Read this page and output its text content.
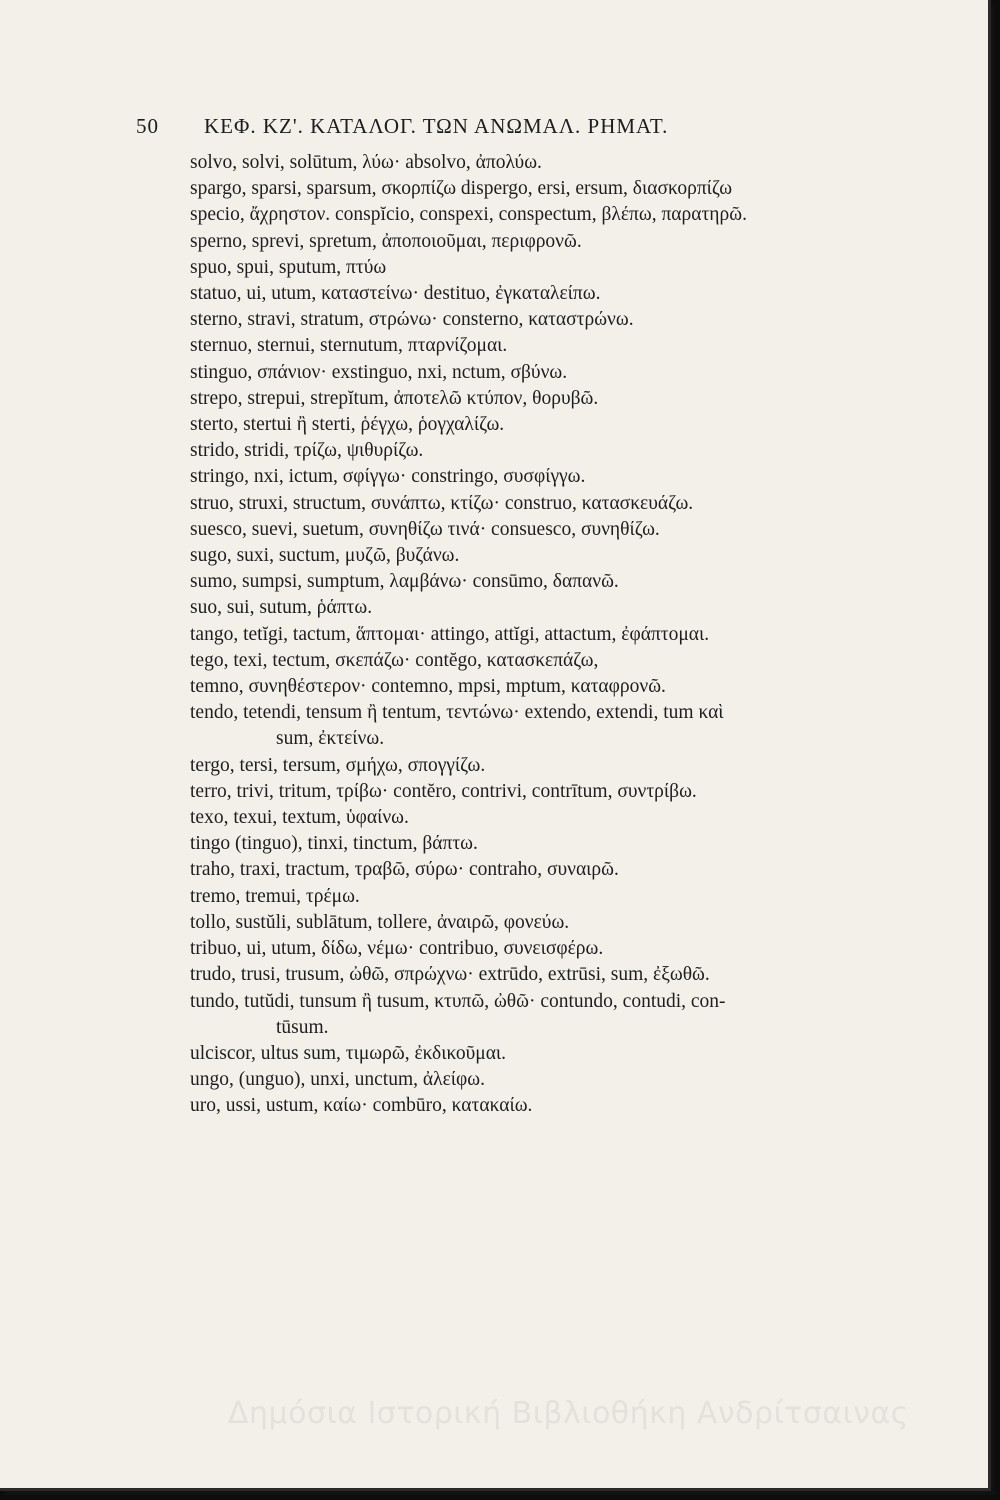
50 ΚΕΦ. ΚΖ'. ΚΑΤΑΛΟΓ. ΤΩΝ ΑΝΩΜΑΛ. ΡΗΜΑΤ.
solvo, solvi, solūtum, λύω· absolvo, ἀπολύω.
spargo, sparsi, sparsum, σκορπίζω dispergo, ersi, ersum, διασκορπίζω
specio, ἄχρηστον. conspĭcio, conspexi, conspectum, βλέπω, παρατηρῶ.
sperno, sprevi, spretum, ἀποποιοῦμαι, περιφρονῶ.
spuo, spui, sputum, πτύω
statuo, ui, utum, καταστείνω· destituo, ἐγκαταλείπω.
sterno, stravi, stratum, στρώνω· consterno, καταστρώνω.
sternuo, sternui, sternutum, πταρνίζομαι.
stinguo, σπάνιον· exstinguo, nxi, nctum, σβύνω.
strepo, strepui, strepĭtum, ἀποτελῶ κτύπον, θορυβῶ.
sterto, stertui ἢ sterti, ῥέγχω, ῥογχαλίζω.
strido, stridi, τρίζω, ψιθυρίζω.
stringo, nxi, ictum, σφίγγω· constringo, συσφίγγω.
struo, struxi, structum, συνάπτω, κτίζω· construo, κατασκευάζω.
suesco, suevi, suetum, συνηθίζω τινά· consuesco, συνηθίζω.
sugo, suxi, suctum, μυζῶ, βυζάνω.
sumo, sumpsi, sumptum, λαμβάνω· consūmo, δαπανῶ.
suo, sui, sutum, ῥάπτω.
tango, tetĭgi, tactum, ἅπτομαι· attingo, attĭgi, attactum, ἐφάπτομαι.
tego, texi, tectum, σκεπάζω· contĕgo, κατασκεπάζω,
temno, συνηθέστερον· contemno, mpsi, mptum, καταφρονῶ.
tendo, tetendi, tensum ἢ tentum, τεντώνω· extendo, extendi, tum καὶ
sum, ἐκτείνω.
tergo, tersi, tersum, σμήχω, σπογγίζω.
terro, trivi, tritum, τρίβω· contĕro, contrivi, contrītum, συντρίβω.
texo, texui, textum, ὑφαίνω.
tingo (tinguo), tinxi, tinctum, βάπτω.
traho, traxi, tractum, τραβῶ, σύρω· contraho, συναιρῶ.
tremo, tremui, τρέμω.
tollo, sustŭli, sublātum, tollere, ἀναιρῶ, φονεύω.
tribuo, ui, utum, δίδω, νέμω· contribuo, συνεισφέρω.
trudo, trusi, trusum, ὠθῶ, σπρώχνω· extrūdo, extrūsi, sum, ἐξωθῶ.
tundo, tutŭdi, tunsum ἢ tusum, κτυπῶ, ὠθῶ· contundo, contudi, con-
tūsum.
ulciscor, ultus sum, τιμωρῶ, ἐκδικοῦμαι.
ungo, (unguo), unxi, unctum, ἀλείφω.
uro, ussi, ustum, καίω· combūro, κατακαίω.
Δημόσια Ιστορική Βιβλιοθήκη Ανδρίτσαινας
